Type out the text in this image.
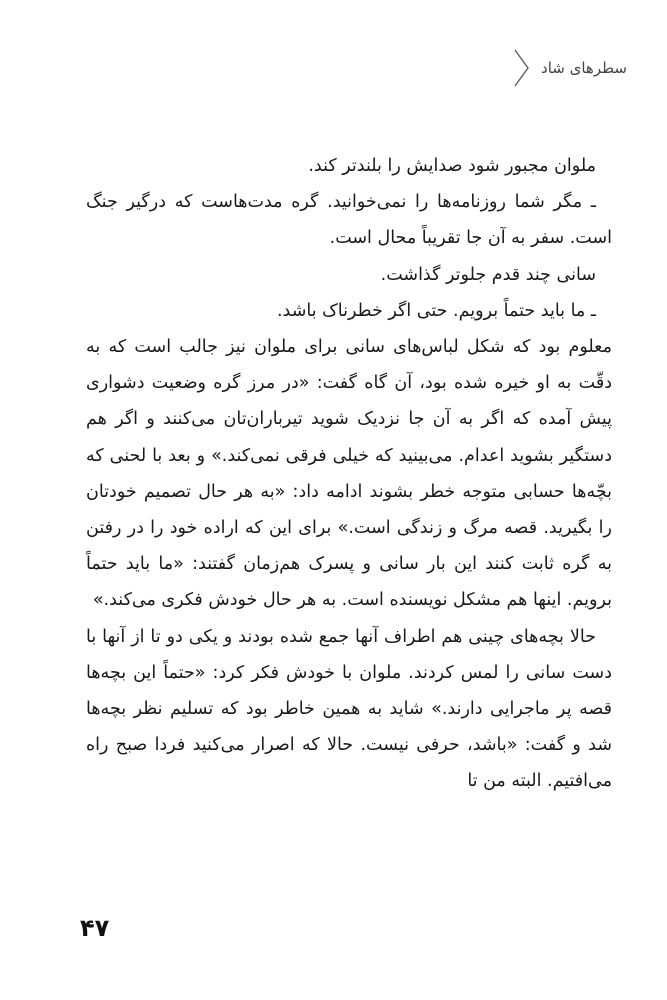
سطرهای شاد

ملوان مجبور شود صدایش را بلندتر کند.

ـ مگر شما روزنامه‌ها را نمی‌خوانید. گره مدت‌هاست که درگیر جنگ است. سفر به آن جا تقریباً محال است.

سانی چند قدم جلوتر گذاشت.

ـ ما باید حتماً برویم. حتی اگر خطرناک باشد.

معلوم بود که شکل لباس‌های سانی برای ملوان نیز جالب است که به دقّت به او خیره شده بود، آن گاه گفت: «در مرز گره وضعیت دشواری پیش آمده که اگر به آن جا نزدیک شوید تیرباران‌تان می‌کنند و اگر هم دستگیر بشوید اعدام. می‌بینید که خیلی فرقی نمی‌کند.» و بعد با لحنی که بچّه‌ها حسابی متوجه خطر بشوند ادامه داد: «به هر حال تصمیم خودتان را بگیرید. قصه مرگ و زندگی است.» برای این که اراده خود را در رفتن به گره ثابت کنند این بار سانی و پسرک هم‌زمان گفتند: «ما باید حتماً برویم. اینها هم مشکل نویسنده است. به هر حال خودش فکری می‌کند.»

حالا بچه‌های چینی هم اطراف آنها جمع شده بودند و یکی دو تا از آنها با دست سانی را لمس کردند. ملوان با خودش فکر کرد: «حتماً این بچه‌ها قصه پر ماجرایی دارند.» شاید به همین خاطر بود که تسلیم نظر بچه‌ها شد و گفت: «باشد، حرفی نیست. حالا که اصرار می‌کنید فردا صبح راه می‌افتیم. البته من تا

۴۷
